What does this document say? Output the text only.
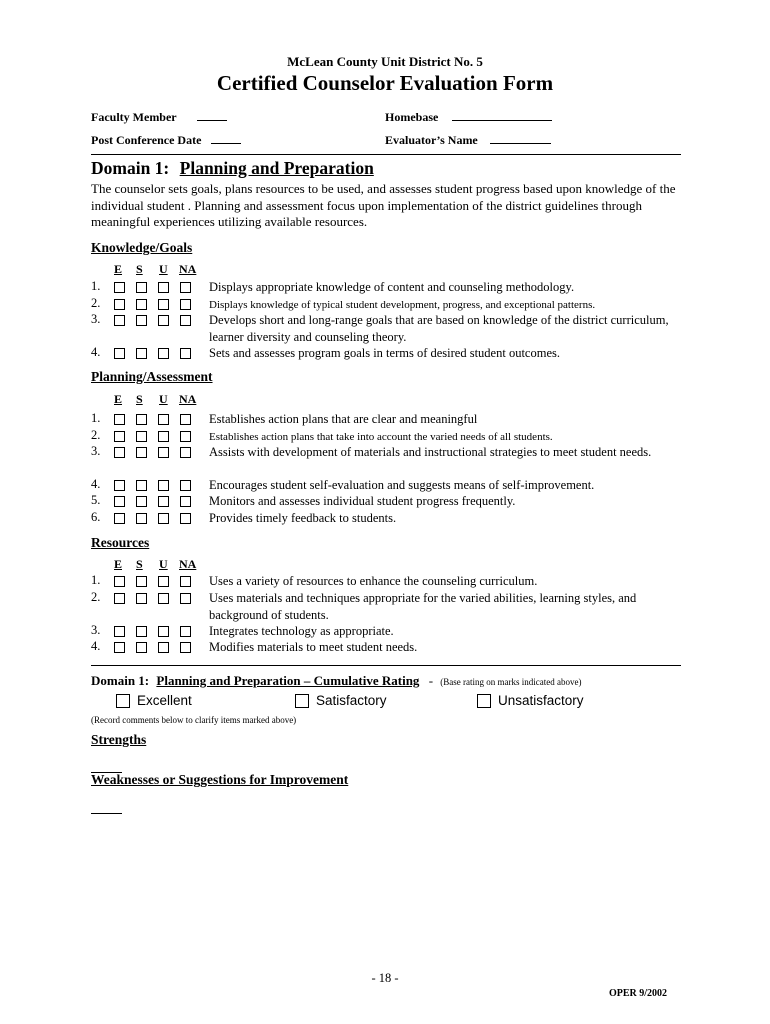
McLean County Unit District No. 5
Certified Counselor Evaluation Form
Faculty Member	Homebase
Post Conference Date	Evaluator’s Name
Domain 1: Planning and Preparation
The counselor sets goals, plans resources to be used, and assesses student progress based upon knowledge of the individual student . Planning and assessment focus upon implementation of the district guidelines through meaningful experiences utilizing available resources.
Knowledge/Goals
E S U NA
1.	Displays appropriate knowledge of content and counseling methodology.
2.	Displays knowledge of typical student development, progress, and exceptional patterns.
3.	Develops short and long-range goals that are based on knowledge of the district curriculum, learner diversity and counseling theory.
4.	Sets and assesses program goals in terms of desired student outcomes.
Planning/Assessment
E S U NA
1.	Establishes action plans that are clear and meaningful
2.	Establishes action plans that take into account the varied needs of all students.
3.	Assists with development of materials and instructional strategies to meet student needs.
4.	Encourages student self-evaluation and suggests means of self-improvement.
5.	Monitors and assesses individual student progress frequently.
6.	Provides timely feedback to students.
Resources
E S U NA
1.	Uses a variety of resources to enhance the counseling curriculum.
2.	Uses materials and techniques appropriate for the varied abilities, learning styles, and background of students.
3.	Integrates technology as appropriate.
4.	Modifies materials to meet student needs.
Domain 1: Planning and Preparation – Cumulative Rating - (Base rating on marks indicated above)
Excellent	Satisfactory	Unsatisfactory
(Record comments below to clarify items marked above)
Strengths
Weaknesses or Suggestions for Improvement
- 18 -
OPER 9/2002
